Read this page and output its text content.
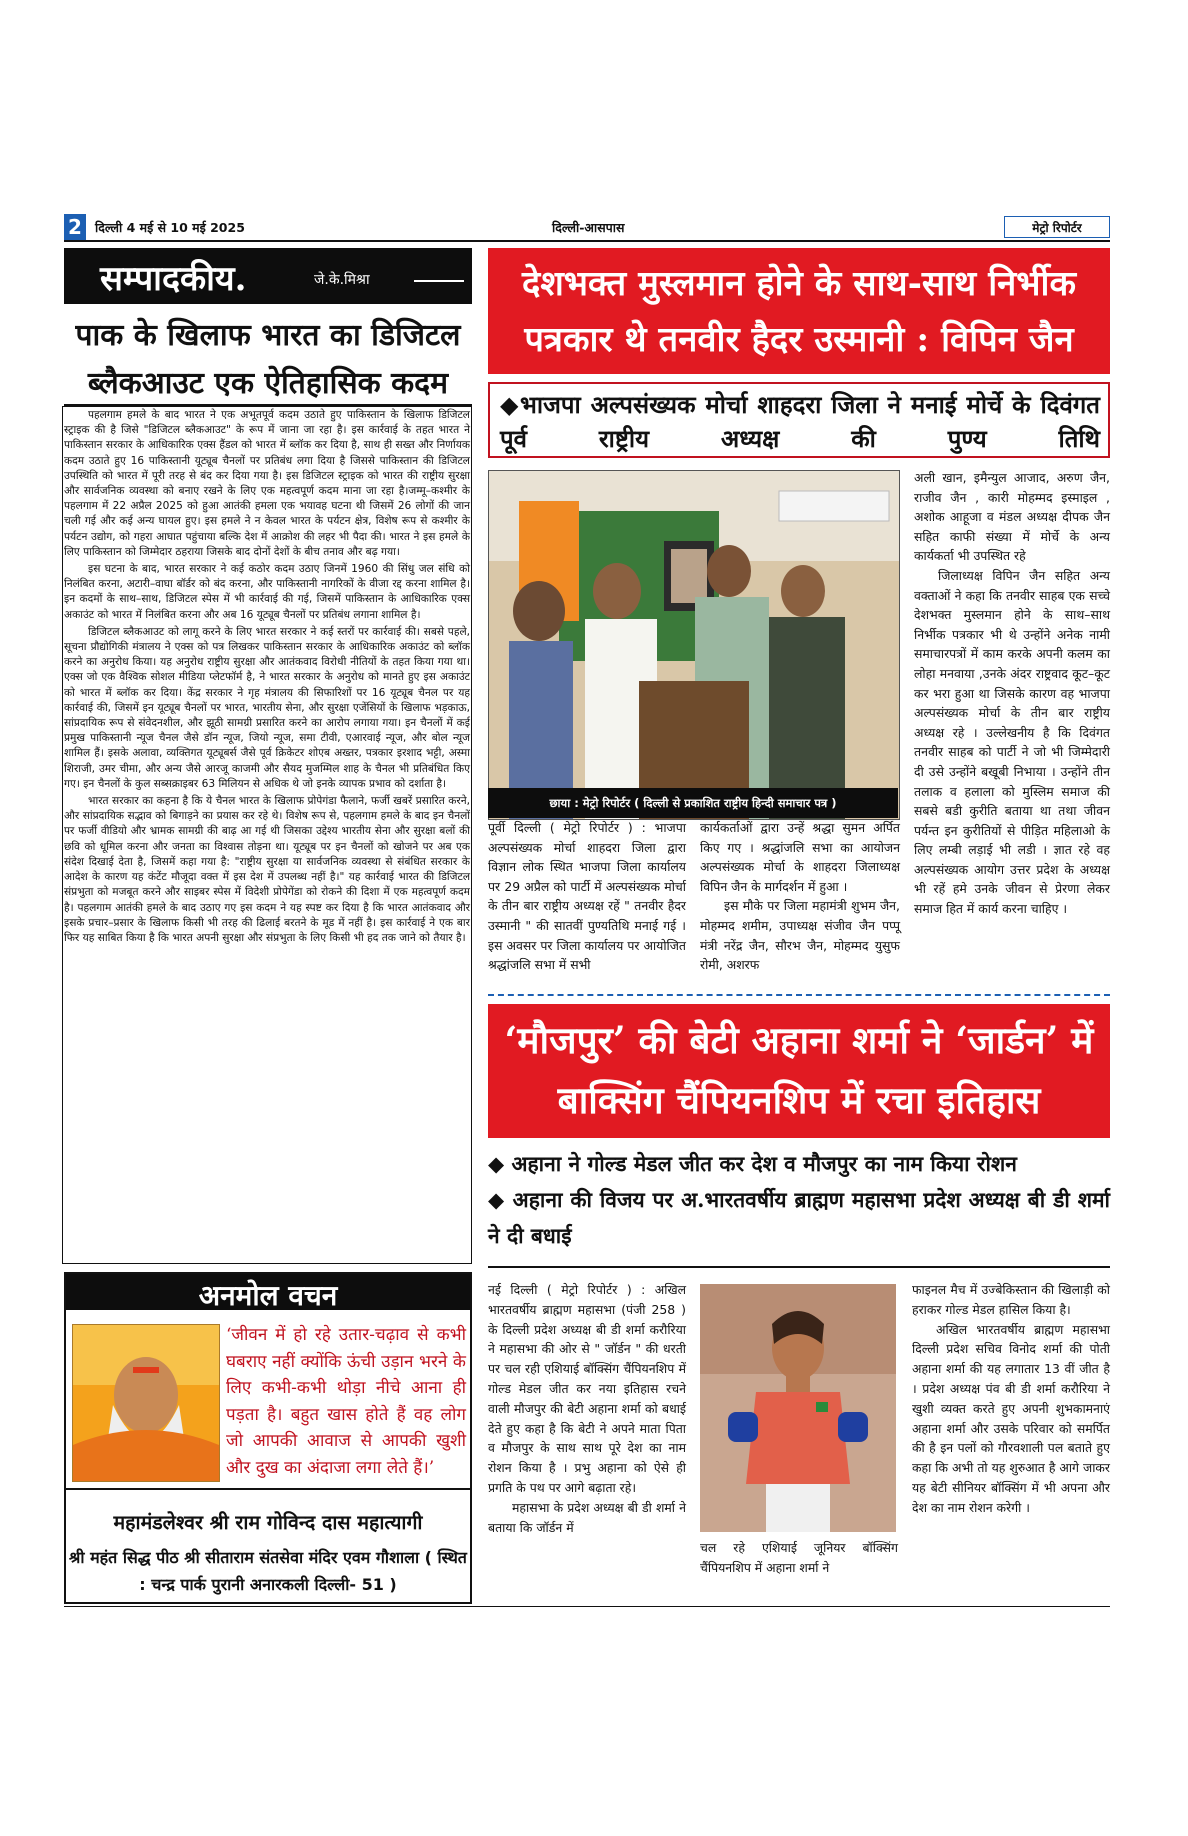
2	दिल्ली 4 मई से 10 मई 2025	दिल्ली-आसपास	मेट्रो रिपोर्टर
सम्पादकीय.	जे.के.मिश्रा
पाक के खिलाफ भारत का डिजिटल ब्लैकआउट एक ऐतिहासिक कदम

पहलगाम हमले के बाद भारत ने एक अभूतपूर्व कदम उठाते हुए पाकिस्तान के खिलाफ डिजिटल स्ट्राइक की है जिसे "डिजिटल ब्लैकआउट" के रूप में जाना जा रहा है। इस कार्रवाई के तहत भारत ने पाकिस्तान सरकार के आधिकारिक एक्स हैंडल को भारत में ब्लॉक कर दिया है, साथ ही सख्त और निर्णायक कदम उठाते हुए 16 पाकिस्तानी यूट्यूब चैनलों पर प्रतिबंध लगा दिया है जिससे पाकिस्तान की डिजिटल उपस्थिति को भारत में पूरी तरह से बंद कर दिया गया है। इस डिजिटल स्ट्राइक को भारत की राष्ट्रीय सुरक्षा और सार्वजनिक व्यवस्था को बनाए रखने के लिए एक महत्वपूर्ण कदम माना जा रहा है।जम्मू–कश्मीर के पहलगाम में 22 अप्रैल 2025 को हुआ आतंकी हमला एक भयावह घटना थी जिसमें 26 लोगों की जान चली गई और कई अन्य घायल हुए। इस हमले ने न केवल भारत के पर्यटन क्षेत्र, विशेष रूप से कश्मीर के पर्यटन उद्योग, को गहरा आघात पहुंचाया बल्कि देश में आक्रोश की लहर भी पैदा की। भारत ने इस हमले के लिए पाकिस्तान को जिम्मेदार ठहराया जिसके बाद दोनों देशों के बीच तनाव और बढ़ गया।

इस घटना के बाद, भारत सरकार ने कई कठोर कदम उठाए जिनमें 1960 की सिंधु जल संधि को निलंबित करना, अटारी–वाघा बॉर्डर को बंद करना, और पाकिस्तानी नागरिकों के वीजा रद्द करना शामिल है। इन कदमों के साथ–साथ, डिजिटल स्पेस में भी कार्रवाई की गई, जिसमें पाकिस्तान के आधिकारिक एक्स अकाउंट को भारत में निलंबित करना और अब 16 यूट्यूब चैनलों पर प्रतिबंध लगाना शामिल है।

डिजिटल ब्लैकआउट को लागू करने के लिए भारत सरकार ने कई स्तरों पर कार्रवाई की। सबसे पहले, सूचना प्रौद्योगिकी मंत्रालय ने एक्स को पत्र लिखकर पाकिस्तान सरकार के आधिकारिक अकाउंट को ब्लॉक करने का अनुरोध किया। यह अनुरोध राष्ट्रीय सुरक्षा और आतंकवाद विरोधी नीतियों के तहत किया गया था। एक्स जो एक वैश्विक सोशल मीडिया प्लेटफॉर्म है, ने भारत सरकार के अनुरोध को मानते हुए इस अकाउंट को भारत में ब्लॉक कर दिया। केंद्र सरकार ने गृह मंत्रालय की सिफारिशों पर 16 यूट्यूब चैनल पर यह कार्रवाई की, जिसमें इन यूट्यूब चैनलों पर भारत, भारतीय सेना, और सुरक्षा एजेंसियों के खिलाफ भड़काऊ, सांप्रदायिक रूप से संवेदनशील, और झूठी सामग्री प्रसारित करने का आरोप लगाया गया। इन चैनलों में कई प्रमुख पाकिस्तानी न्यूज चैनल जैसे डॉन न्यूज, जियो न्यूज, समा टीवी, एआरवाई न्यूज, और बोल न्यूज शामिल हैं। इसके अलावा, व्यक्तिगत यूट्यूबर्स जैसे पूर्व क्रिकेटर शोएब अख्तर, पत्रकार इरशाद भट्टी, अस्मा शिराजी, उमर चीमा, और अन्य जैसे आरजू काजमी और सैयद मुजम्मिल शाह के चैनल भी प्रतिबंधित किए गए। इन चैनलों के कुल सब्सक्राइबर 63 मिलियन से अधिक थे जो इनके व्यापक प्रभाव को दर्शाता है।

भारत सरकार का कहना है कि ये चैनल भारत के खिलाफ प्रोपेगंडा फैलाने, फर्जी खबरें प्रसारित करने, और सांप्रदायिक सद्भाव को बिगाड़ने का प्रयास कर रहे थे। विशेष रूप से, पहलगाम हमले के बाद इन चैनलों पर फर्जी वीडियो और भ्रामक सामग्री की बाढ़ आ गई थी जिसका उद्देश्य भारतीय सेना और सुरक्षा बलों की छवि को धूमिल करना और जनता का विश्वास तोड़ना था। यूट्यूब पर इन चैनलों को खोजने पर अब एक संदेश दिखाई देता है, जिसमें कहा गया है: "राष्ट्रीय सुरक्षा या सार्वजनिक व्यवस्था से संबंधित सरकार के आदेश के कारण यह कंटेंट मौजूदा वक्त में इस देश में उपलब्ध नहीं है।" यह कार्रवाई भारत की डिजिटल संप्रभुता को मजबूत करने और साइबर स्पेस में विदेशी प्रोपेगेंडा को रोकने की दिशा में एक महत्वपूर्ण कदम है। पहलगाम आतंकी हमले के बाद उठाए गए इस कदम ने यह स्पष्ट कर दिया है कि भारत आतंकवाद और इसके प्रचार–प्रसार के खिलाफ किसी भी तरह की ढिलाई बरतने के मूड में नहीं है। इस कार्रवाई ने एक बार फिर यह साबित किया है कि भारत अपनी सुरक्षा और संप्रभुता के लिए किसी भी हद तक जाने को तैयार है।

अनमोल वचन
‘जीवन में हो रहे उतार-चढ़ाव से कभी घबराए नहीं क्योंकि ऊंची उड़ान भरने के लिए कभी-कभी थोड़ा नीचे आना ही पड़ता है। बहुत खास होते हैं वह लोग जो आपकी आवाज से आपकी खुशी और दुख का अंदाजा लगा लेते हैं।’
महामंडलेश्वर श्री राम गोविन्द दास महात्यागी
श्री महंत सिद्ध पीठ श्री सीताराम संतसेवा मंदिर एवम गौशाला ( स्थित : चन्द्र पार्क पुरानी अनारकली दिल्ली- 51 )
देशभक्त मुस्लमान होने के साथ-साथ निर्भीक पत्रकार थे तनवीर हैदर उस्मानी : विपिन जैन
◆भाजपा अल्पसंख्यक मोर्चा शाहदरा जिला ने मनाई मोर्चे के दिवंगत पूर्व राष्ट्रीय अध्यक्ष की पुण्य तिथि
छाया : मेट्रो रिपोर्टर ( दिल्ली से प्रकाशित राष्ट्रीय हिन्दी समाचार पत्र )

पूर्वी दिल्ली ( मेट्रो रिपोर्टर ) : भाजपा अल्पसंख्यक मोर्चा शाहदरा जिला द्वारा विज्ञान लोक स्थित भाजपा जिला कार्यालय पर 29 अप्रैल को पार्टी में अल्पसंख्यक मोर्चा के तीन बार राष्ट्रीय अध्यक्ष रहें " तनवीर हैदर उस्मानी " की सातवीं पुण्यतिथि मनाई गई । इस अवसर पर जिला कार्यालय पर आयोजित श्रद्धांजलि सभा में सभी

कार्यकर्ताओं द्वारा उन्हें श्रद्धा सुमन अर्पित किए गए । श्रद्धांजलि सभा का आयोजन अल्पसंख्यक मोर्चा के शाहदरा जिलाध्यक्ष विपिन जैन के मार्गदर्शन में हुआ ।

इस मौके पर जिला महामंत्री शुभम जैन, मोहम्मद शमीम, उपाध्यक्ष संजीव जैन पप्पू मंत्री नरेंद्र जैन, सौरभ जैन, मोहम्मद युसुफ रोमी, अशरफ

अली खान, इमैन्युल आजाद, अरुण जैन, राजीव जैन , कारी मोहम्मद इस्माइल , अशोक आहूजा व मंडल अध्यक्ष दीपक जैन सहित काफी संख्या में मोर्चे के अन्य कार्यकर्ता भी उपस्थित रहे

जिलाध्यक्ष विपिन जैन सहित अन्य वक्ताओं ने कहा कि तनवीर साहब एक सच्चे देशभक्त मुस्लमान होने के साथ–साथ निर्भीक पत्रकार भी थे उन्होंने अनेक नामी समाचारपत्रों में काम करके अपनी कलम का लोहा मनवाया ,उनके अंदर राष्ट्रवाद कूट–कूट कर भरा हुआ था जिसके कारण वह भाजपा अल्पसंख्यक मोर्चा के तीन बार राष्ट्रीय अध्यक्ष रहे । उल्लेखनीय है कि दिवंगत तनवीर साहब को पार्टी ने जो भी जिम्मेदारी दी उसे उन्होंने बखूबी निभाया । उन्होंने तीन तलाक व हलाला को मुस्लिम समाज की सबसे बडी कुरीति बताया था तथा जीवन पर्यन्त इन कुरीतियों से पीड़ित महिलाओ के लिए लम्बी लड़ाई भी लडी । ज्ञात रहे वह अल्पसंख्यक आयोग उत्तर प्रदेश के अध्यक्ष भी रहें हमे उनके जीवन से प्रेरणा लेकर समाज हित में कार्य करना चाहिए ।

‘मौजपुर’ की बेटी अहाना शर्मा ने ‘जार्डन’ में बाक्सिंग चैंपियनशिप में रचा इतिहास
◆ अहाना ने गोल्ड मेडल जीत कर देश व मौजपुर का नाम किया रोशन
◆ अहाना की विजय पर अ.भारतवर्षीय ब्राह्मण महासभा प्रदेश अध्यक्ष बी डी शर्मा ने दी बधाई

नई दिल्ली ( मेट्रो रिपोर्टर ) : अखिल भारतवर्षीय ब्राह्मण महासभा (पंजी 258 ) के दिल्ली प्रदेश अध्यक्ष बी डी शर्मा करौरिया ने महासभा की ओर से " जॉर्डन " की धरती पर चल रही एशियाई बॉक्सिंग चैंपियनशिप में गोल्ड मेडल जीत कर नया इतिहास रचने वाली मौजपुर की बेटी अहाना शर्मा को बधाई देते हुए कहा है कि बेटी ने अपने माता पिता व मौजपुर के साथ साथ पूरे देश का नाम रोशन किया है । प्रभु अहाना को ऐसे ही प्रगति के पथ पर आगे बढ़ाता रहे।

महासभा के प्रदेश अध्यक्ष बी डी शर्मा ने बताया कि जॉर्डन में

चल रहे एशियाई जूनियर बॉक्सिंग चैंपियनशिप में अहाना शर्मा ने

फाइनल मैच में उज्बेकिस्तान की खिलाड़ी को हराकर गोल्ड मेडल हासिल किया है।

अखिल भारतवर्षीय ब्राह्मण महासभा दिल्ली प्रदेश सचिव विनोद शर्मा की पोती अहाना शर्मा की यह लगातार 13 वीं जीत है । प्रदेश अध्यक्ष पंव बी डी शर्मा करौरिया ने खुशी व्यक्त करते हुए अपनी शुभकामनाएं अहाना शर्मा और उसके परिवार को समर्पित की है इन पलों को गौरवशाली पल बताते हुए कहा कि अभी तो यह शुरुआत है आगे जाकर यह बेटी सीनियर बॉक्सिंग में भी अपना और देश का नाम रोशन करेगी ।
